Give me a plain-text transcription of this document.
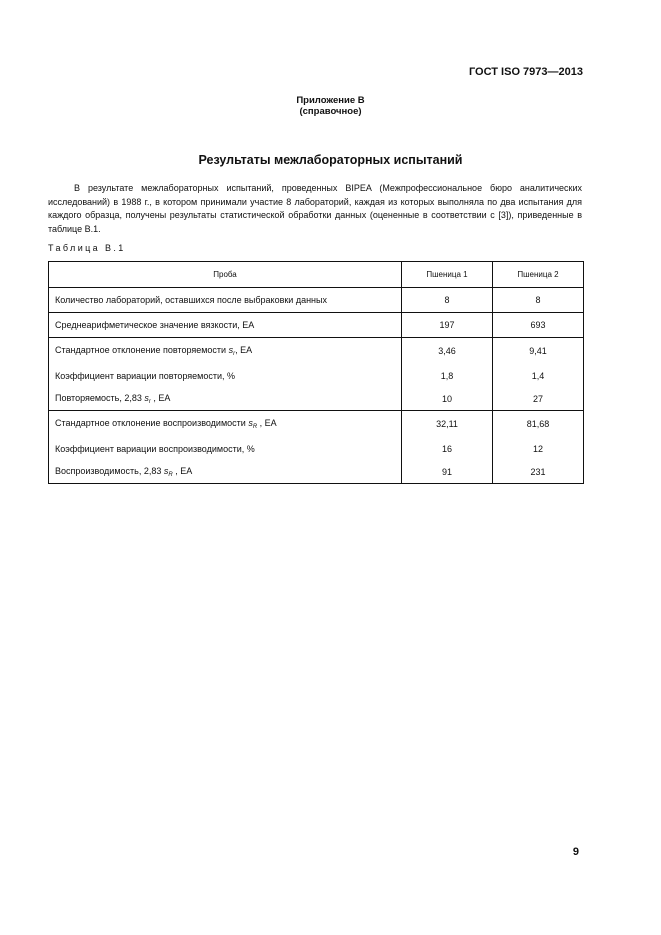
ГОСТ ISO 7973—2013
Приложение В
(справочное)
Результаты межлабораторных испытаний

В результате межлабораторных испытаний, проведенных BIPEA (Межпрофессиональное бюро аналитических исследований) в 1988 г., в котором принимали участие 8 лабораторий, каждая из которых выполняла по два испытания для каждого образца, получены результаты статистической обработки данных (оцененные в соответствии с [3]), приведенные в таблице В.1.

Таблица В.1
Проба	Пшеница 1	Пшеница 2
Количество лабораторий, оставшихся после выбраковки данных	8	8
Среднеарифметическое значение вязкости, ЕА	197	693
Стандартное отклонение повторяемости $s_r$, ЕА	3,46	9,41
Коэффициент вариации повторяемости, %	1,8	1,4
Повторяемость, 2,83 $s_r$ , ЕА	10	27
Стандартное отклонение воспроизводимости $s_R$ , ЕА	32,11	81,68
Коэффициент вариации воспроизводимости, %	16	12
Воспроизводимость, 2,83 $s_R$ , ЕА	91	231
9
